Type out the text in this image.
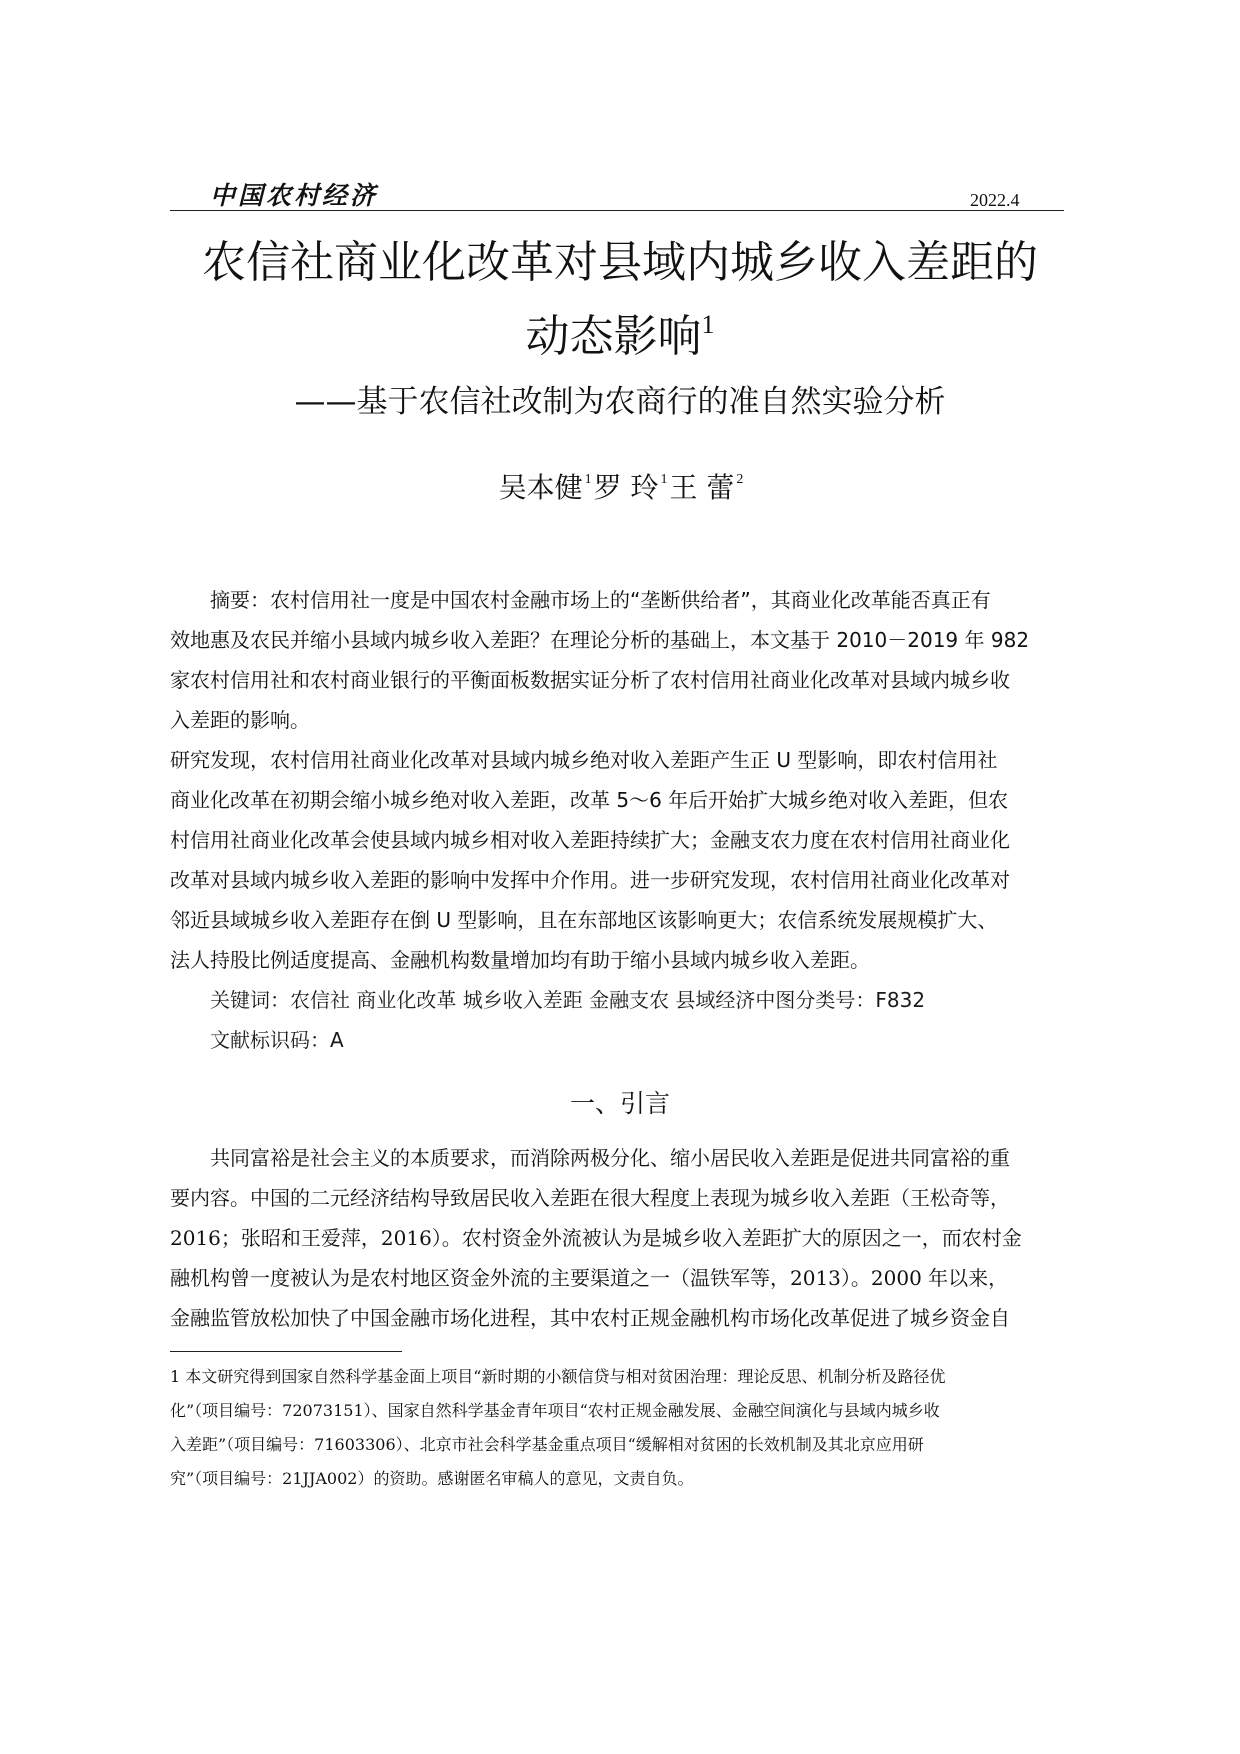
中国农村经济	2022.4
农信社商业化改革对县域内城乡收入差距的
动态影响$^1$
——基于农信社改制为农商行的准自然实验分析
吴本健 $^1$罗 玲 $^1$王 蕾 $^2$
摘要：农村信用社一度是中国农村金融市场上的“垄断供给者”，其商业化改革能否真正有
效地惠及农民并缩小县域内城乡收入差距？在理论分析的基础上，本文基于 2010－2019 年 982
家农村信用社和农村商业银行的平衡面板数据实证分析了农村信用社商业化改革对县域内城乡收
入差距的影响。
研究发现，农村信用社商业化改革对县域内城乡绝对收入差距产生正 U 型影响，即农村信用社
商业化改革在初期会缩小城乡绝对收入差距，改革 5～6 年后开始扩大城乡绝对收入差距，但农
村信用社商业化改革会使县域内城乡相对收入差距持续扩大；金融支农力度在农村信用社商业化
改革对县域内城乡收入差距的影响中发挥中介作用。进一步研究发现，农村信用社商业化改革对
邻近县域城乡收入差距存在倒 U 型影响，且在东部地区该影响更大；农信系统发展规模扩大、
法人持股比例适度提高、金融机构数量增加均有助于缩小县域内城乡收入差距。
关键词：农信社 商业化改革 城乡收入差距 金融支农 县域经济中图分类号：F832
文献标识码：A
一、引言
共同富裕是社会主义的本质要求，而消除两极分化、缩小居民收入差距是促进共同富裕的重
要内容。中国的二元经济结构导致居民收入差距在很大程度上表现为城乡收入差距（王松奇等，
2016；张昭和王爱萍，2016）。农村资金外流被认为是城乡收入差距扩大的原因之一，而农村金
融机构曾一度被认为是农村地区资金外流的主要渠道之一（温铁军等，2013）。2000 年以来，
金融监管放松加快了中国金融市场化进程，其中农村正规金融机构市场化改革促进了城乡资金自
1 本文研究得到国家自然科学基金面上项目“新时期的小额信贷与相对贫困治理：理论反思、机制分析及路径优
化”（项目编号：72073151）、国家自然科学基金青年项目“农村正规金融发展、金融空间演化与县域内城乡收
入差距”（项目编号：71603306）、北京市社会科学基金重点项目“缓解相对贫困的长效机制及其北京应用研
究”（项目编号：21JJA002）的资助。感谢匿名审稿人的意见，文责自负。
